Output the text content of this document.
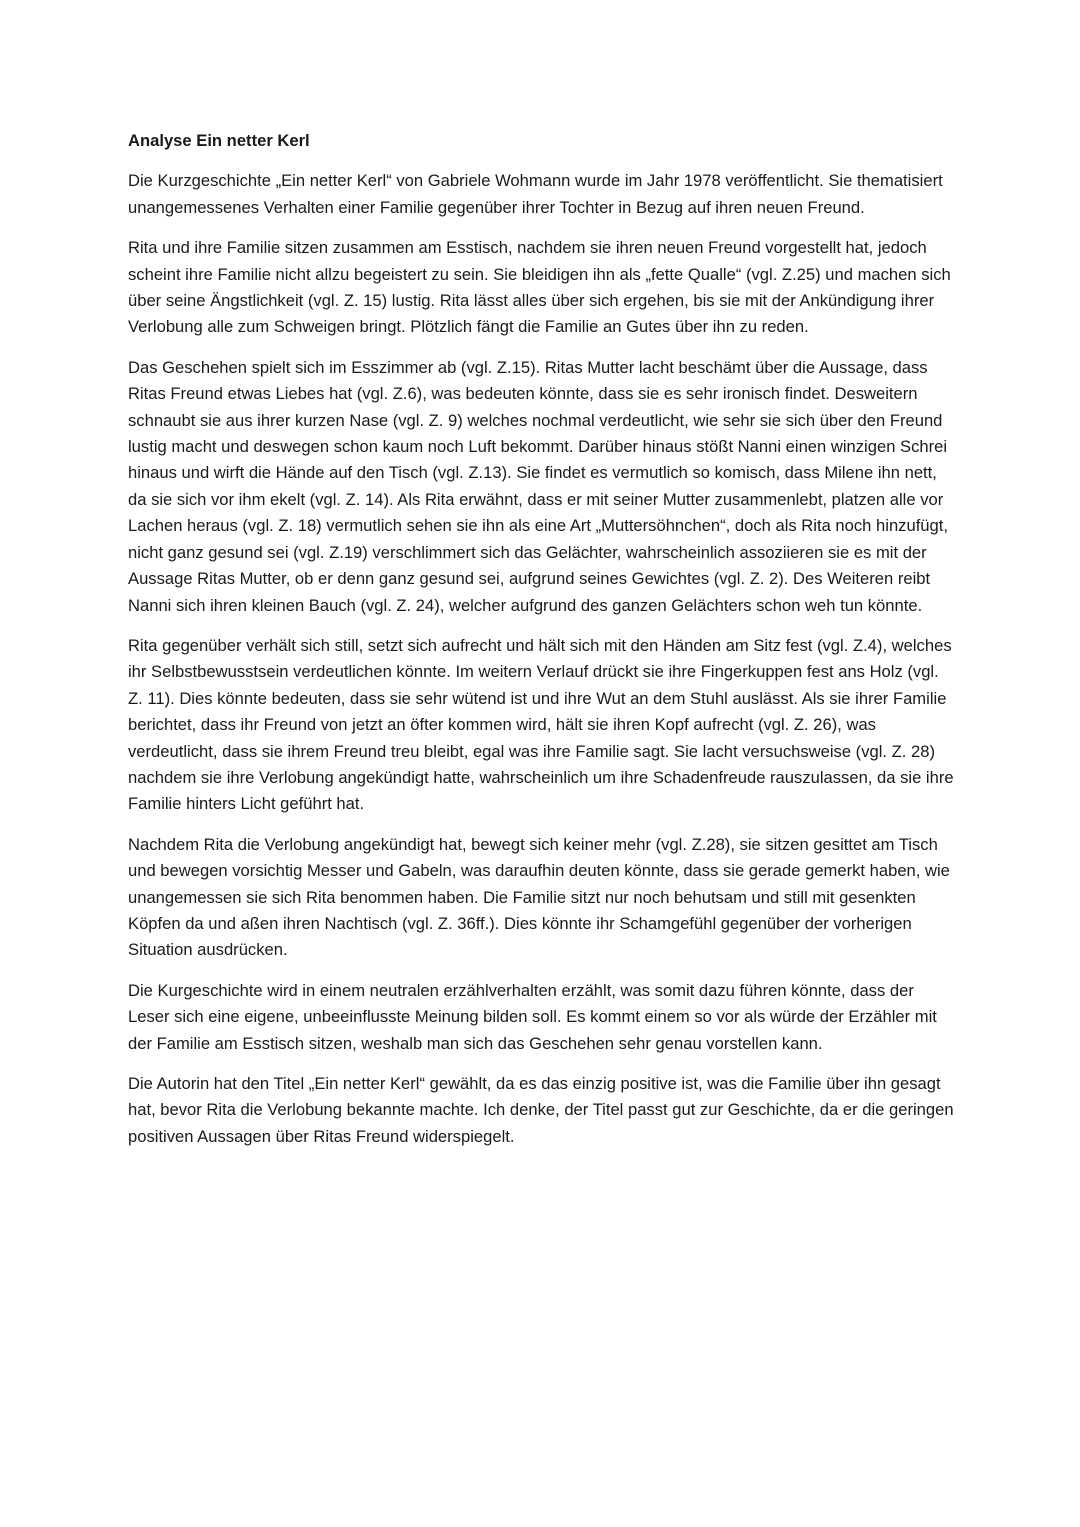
Analyse Ein netter Kerl

Die Kurzgeschichte „Ein netter Kerl“ von Gabriele Wohmann wurde im Jahr 1978 veröffentlicht. Sie thematisiert unangemessenes Verhalten einer Familie gegenüber ihrer Tochter in Bezug auf ihren neuen Freund.

Rita und ihre Familie sitzen zusammen am Esstisch, nachdem sie ihren neuen Freund vorgestellt hat, jedoch scheint ihre Familie nicht allzu begeistert zu sein. Sie bleidigen ihn als „fette Qualle“ (vgl. Z.25) und machen sich über seine Ängstlichkeit (vgl. Z. 15) lustig. Rita lässt alles über sich ergehen, bis sie mit der Ankündigung ihrer Verlobung alle zum Schweigen bringt. Plötzlich fängt die Familie an Gutes über ihn zu reden.

Das Geschehen spielt sich im Esszimmer ab (vgl. Z.15). Ritas Mutter lacht beschämt über die Aussage, dass Ritas Freund etwas Liebes hat (vgl. Z.6), was bedeuten könnte, dass sie es sehr ironisch findet. Desweitern schnaubt sie aus ihrer kurzen Nase (vgl. Z. 9) welches nochmal verdeutlicht, wie sehr sie sich über den Freund lustig macht und deswegen schon kaum noch Luft bekommt. Darüber hinaus stößt Nanni einen winzigen Schrei hinaus und wirft die Hände auf den Tisch (vgl. Z.13). Sie findet es vermutlich so komisch, dass Milene ihn nett, da sie sich vor ihm ekelt (vgl. Z. 14). Als Rita erwähnt, dass er mit seiner Mutter zusammenlebt, platzen alle vor Lachen heraus (vgl. Z. 18) vermutlich sehen sie ihn als eine Art „Muttersöhnchen“, doch als Rita noch hinzufügt, nicht ganz gesund sei (vgl. Z.19) verschlimmert sich das Gelächter, wahrscheinlich assoziieren sie es mit der Aussage Ritas Mutter, ob er denn ganz gesund sei, aufgrund seines Gewichtes (vgl. Z. 2). Des Weiteren reibt Nanni sich ihren kleinen Bauch (vgl. Z. 24), welcher aufgrund des ganzen Gelächters schon weh tun könnte.

Rita gegenüber verhält sich still, setzt sich aufrecht und hält sich mit den Händen am Sitz fest (vgl. Z.4), welches ihr Selbstbewusstsein verdeutlichen könnte. Im weitern Verlauf drückt sie ihre Fingerkuppen fest ans Holz (vgl. Z. 11). Dies könnte bedeuten, dass sie sehr wütend ist und ihre Wut an dem Stuhl auslässt. Als sie ihrer Familie berichtet, dass ihr Freund von jetzt an öfter kommen wird, hält sie ihren Kopf aufrecht (vgl. Z. 26), was verdeutlicht, dass sie ihrem Freund treu bleibt, egal was ihre Familie sagt. Sie lacht versuchsweise (vgl. Z. 28) nachdem sie ihre Verlobung angekündigt hatte, wahrscheinlich um ihre Schadenfreude rauszulassen, da sie ihre Familie hinters Licht geführt hat.

Nachdem Rita die Verlobung angekündigt hat, bewegt sich keiner mehr (vgl. Z.28), sie sitzen gesittet am Tisch und bewegen vorsichtig Messer und Gabeln, was daraufhin deuten könnte, dass sie gerade gemerkt haben, wie unangemessen sie sich Rita benommen haben. Die Familie sitzt nur noch behutsam und still mit gesenkten Köpfen da und aßen ihren Nachtisch (vgl. Z. 36ff.). Dies könnte ihr Schamgefühl gegenüber der vorherigen Situation ausdrücken.

Die Kurgeschichte wird in einem neutralen erzählverhalten erzählt, was somit dazu führen könnte, dass der Leser sich eine eigene, unbeeinflusste Meinung bilden soll. Es kommt einem so vor als würde der Erzähler mit der Familie am Esstisch sitzen, weshalb man sich das Geschehen sehr genau vorstellen kann.

Die Autorin hat den Titel „Ein netter Kerl“ gewählt, da es das einzig positive ist, was die Familie über ihn gesagt hat, bevor Rita die Verlobung bekannte machte. Ich denke, der Titel passt gut zur Geschichte, da er die geringen positiven Aussagen über Ritas Freund widerspiegelt.
